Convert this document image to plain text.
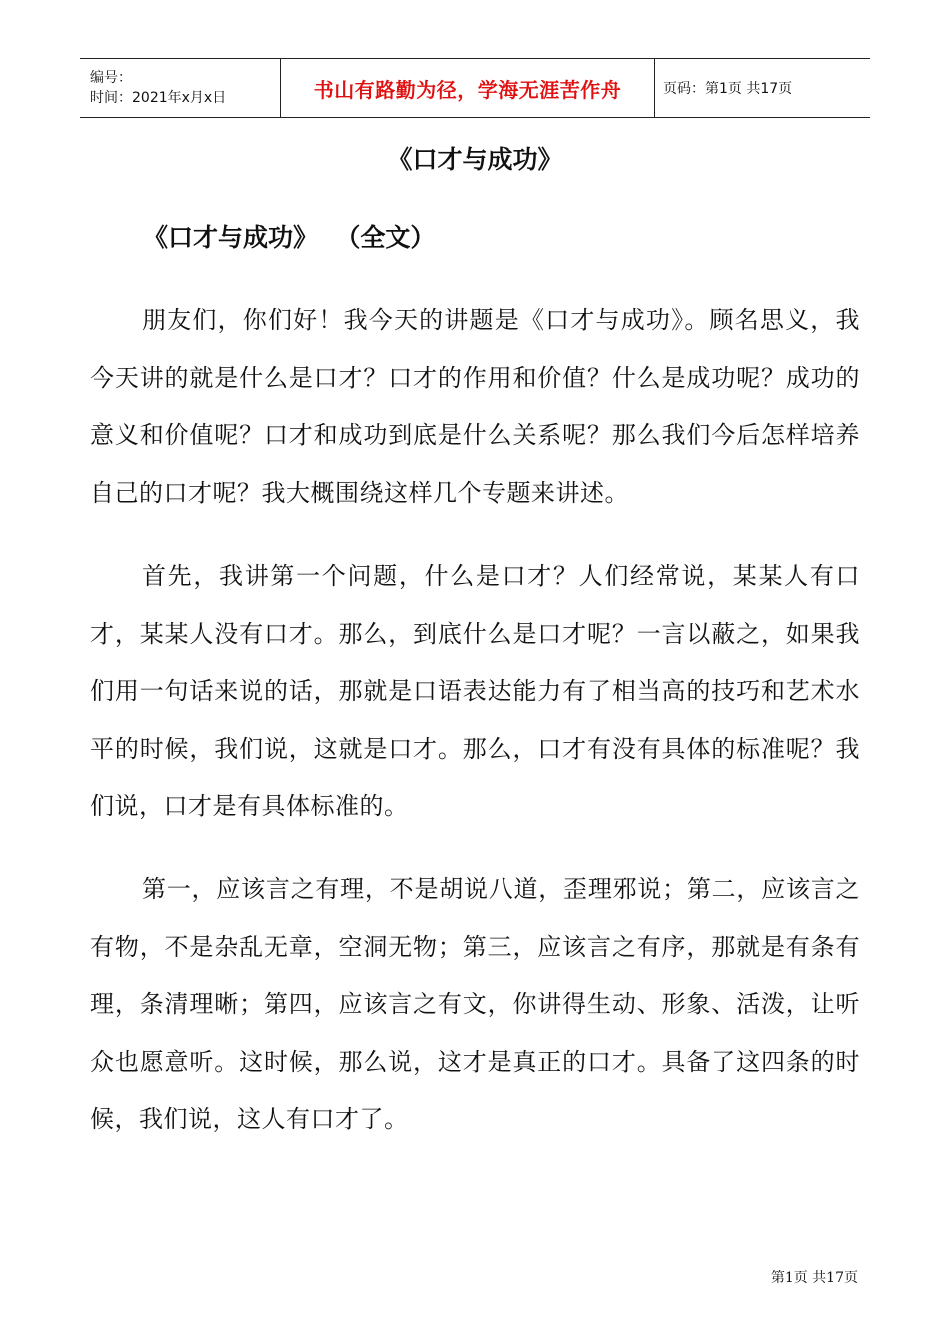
编号：
时间：2021年x月x日	书山有路勤为径，学海无涯苦作舟	页码：第1页 共17页
《口才与成功》
《口才与成功》  （全文）

朋友们，你们好！我今天的讲题是《口才与成功》。顾名思义，我今天讲的就是什么是口才？口才的作用和价值？什么是成功呢？成功的意义和价值呢？口才和成功到底是什么关系呢？那么我们今后怎样培养自己的口才呢？我大概围绕这样几个专题来讲述。

首先，我讲第一个问题，什么是口才？人们经常说，某某人有口才，某某人没有口才。那么，到底什么是口才呢？一言以蔽之，如果我们用一句话来说的话，那就是口语表达能力有了相当高的技巧和艺术水平的时候，我们说，这就是口才。那么，口才有没有具体的标准呢？我们说，口才是有具体标准的。

第一，应该言之有理，不是胡说八道，歪理邪说；第二，应该言之有物，不是杂乱无章，空洞无物；第三，应该言之有序，那就是有条有理，条清理晰；第四，应该言之有文，你讲得生动、形象、活泼，让听众也愿意听。这时候，那么说，这才是真正的口才。具备了这四条的时候，我们说，这人有口才了。

第1页 共17页
